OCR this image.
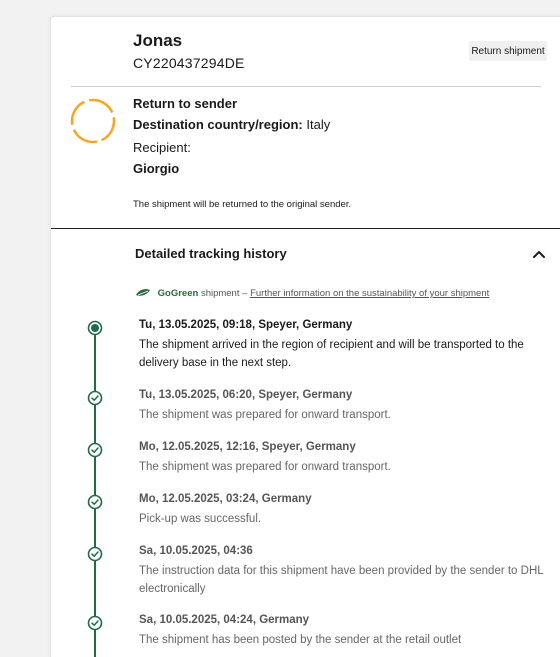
Jonas
CY220437294DE
Return shipment
Return to sender
Destination country/region: Italy
Recipient:
Giorgio
The shipment will be returned to the original sender.
Detailed tracking history
GoGreen shipment – Further information on the sustainability of your shipment
Tu, 13.05.2025, 09:18, Speyer, Germany
The shipment arrived in the region of recipient and will be transported to the delivery base in the next step.
Tu, 13.05.2025, 06:20, Speyer, Germany
The shipment was prepared for onward transport.
Mo, 12.05.2025, 12:16, Speyer, Germany
The shipment was prepared for onward transport.
Mo, 12.05.2025, 03:24, Germany
Pick-up was successful.
Sa, 10.05.2025, 04:36
The instruction data for this shipment have been provided by the sender to DHL electronically
Sa, 10.05.2025, 04:24, Germany
The shipment has been posted by the sender at the retail outlet
